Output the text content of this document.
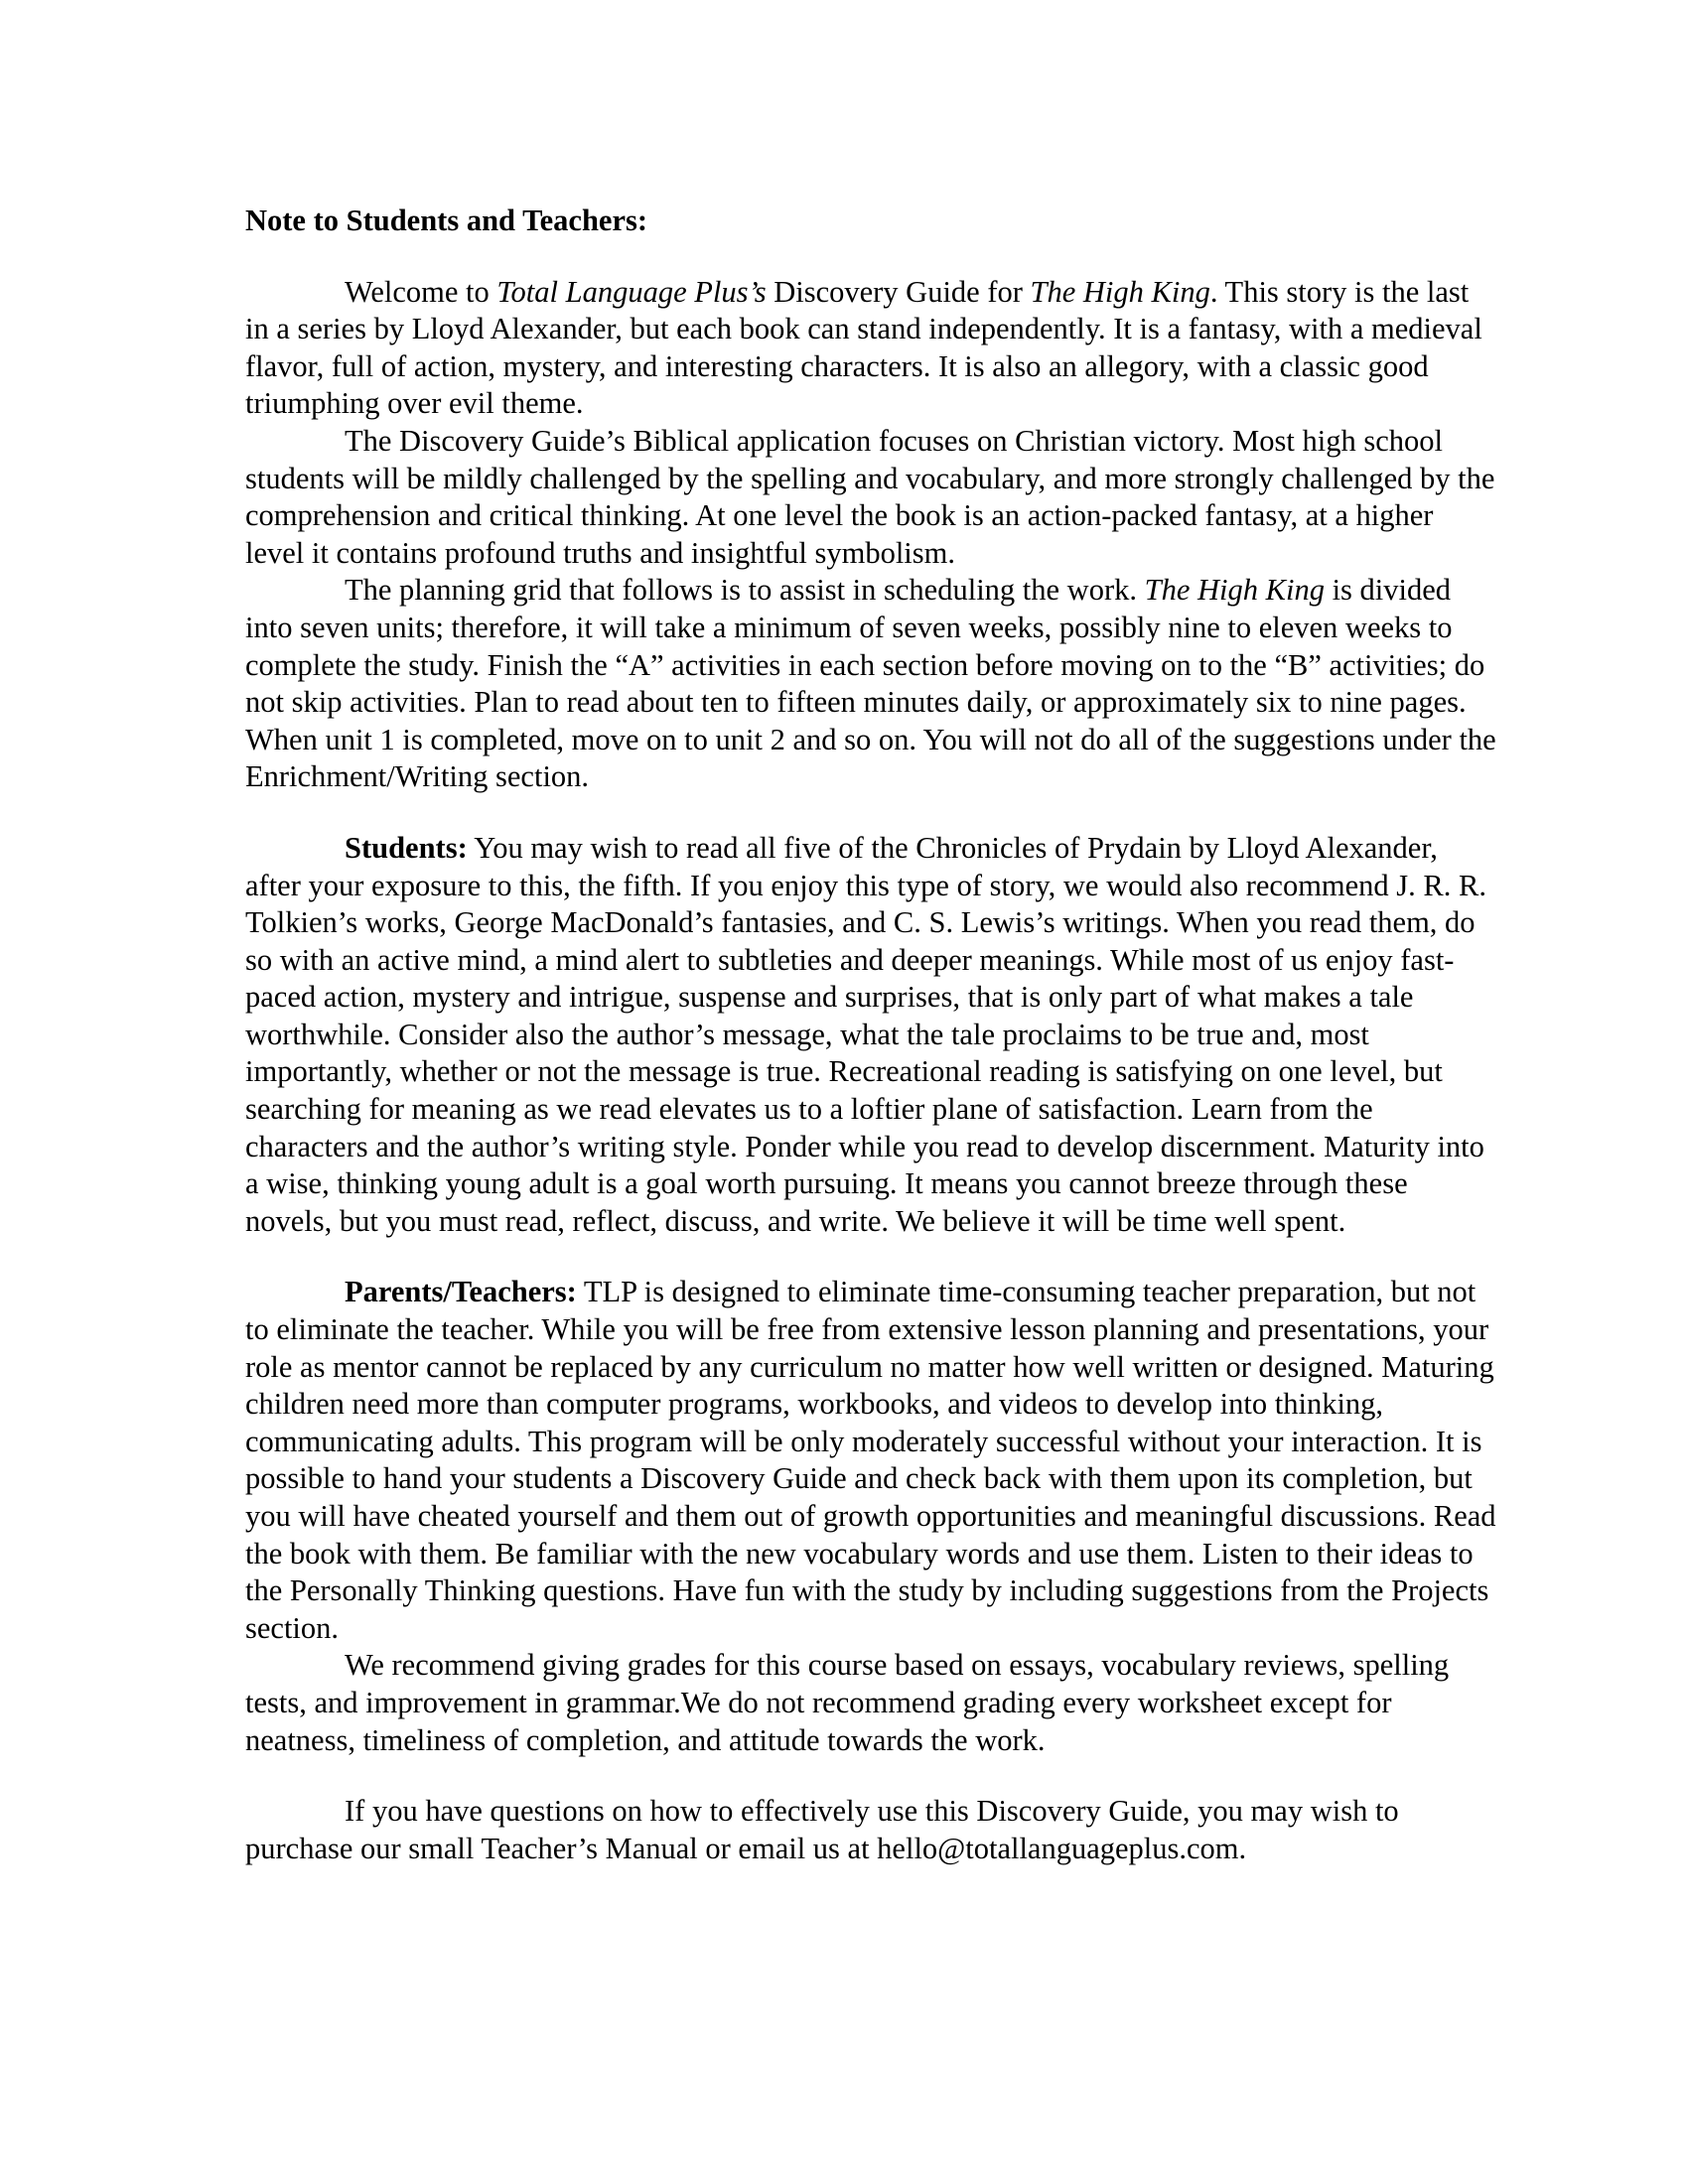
Note to Students and Teachers:

Welcome to Total Language Plus’s Discovery Guide for The High King. This story is the last in a series by Lloyd Alexander, but each book can stand independently. It is a fantasy, with a medieval flavor, full of action, mystery, and interesting characters. It is also an allegory, with a classic good triumphing over evil theme.

The Discovery Guide’s Biblical application focuses on Christian victory. Most high school students will be mildly challenged by the spelling and vocabulary, and more strongly challenged by the comprehension and critical thinking. At one level the book is an action-packed fantasy, at a higher level it contains profound truths and insightful symbolism.

The planning grid that follows is to assist in scheduling the work. The High King is divided into seven units; therefore, it will take a minimum of seven weeks, possibly nine to eleven weeks to complete the study. Finish the “A” activities in each section before moving on to the “B” activities; do not skip activities. Plan to read about ten to fifteen minutes daily, or approximately six to nine pages. When unit 1 is completed, move on to unit 2 and so on. You will not do all of the suggestions under the Enrichment/Writing section.

Students: You may wish to read all five of the Chronicles of Prydain by Lloyd Alexander, after your exposure to this, the fifth. If you enjoy this type of story, we would also recommend J. R. R. Tolkien’s works, George MacDonald’s fantasies, and C. S. Lewis’s writings. When you read them, do so with an active mind, a mind alert to subtleties and deeper meanings. While most of us enjoy fast-paced action, mystery and intrigue, suspense and surprises, that is only part of what makes a tale worthwhile. Consider also the author’s message, what the tale proclaims to be true and, most importantly, whether or not the message is true. Recreational reading is satisfying on one level, but searching for meaning as we read elevates us to a loftier plane of satisfaction. Learn from the characters and the author’s writing style. Ponder while you read to develop discernment. Maturity into a wise, thinking young adult is a goal worth pursuing. It means you cannot breeze through these novels, but you must read, reflect, discuss, and write. We believe it will be time well spent.

Parents/Teachers: TLP is designed to eliminate time-consuming teacher preparation, but not to eliminate the teacher. While you will be free from extensive lesson planning and presentations, your role as mentor cannot be replaced by any curriculum no matter how well written or designed. Maturing children need more than computer programs, workbooks, and videos to develop into thinking, communicating adults. This program will be only moderately successful without your interaction. It is possible to hand your students a Discovery Guide and check back with them upon its completion, but you will have cheated yourself and them out of growth opportunities and meaningful discussions. Read the book with them. Be familiar with the new vocabulary words and use them. Listen to their ideas to the Personally Thinking questions. Have fun with the study by including suggestions from the Projects section.

We recommend giving grades for this course based on essays, vocabulary reviews, spelling tests, and improvement in grammar.We do not recommend grading every worksheet except for neatness, timeliness of completion, and attitude towards the work.

If you have questions on how to effectively use this Discovery Guide, you may wish to purchase our small Teacher’s Manual or email us at hello@totallanguageplus.com.
